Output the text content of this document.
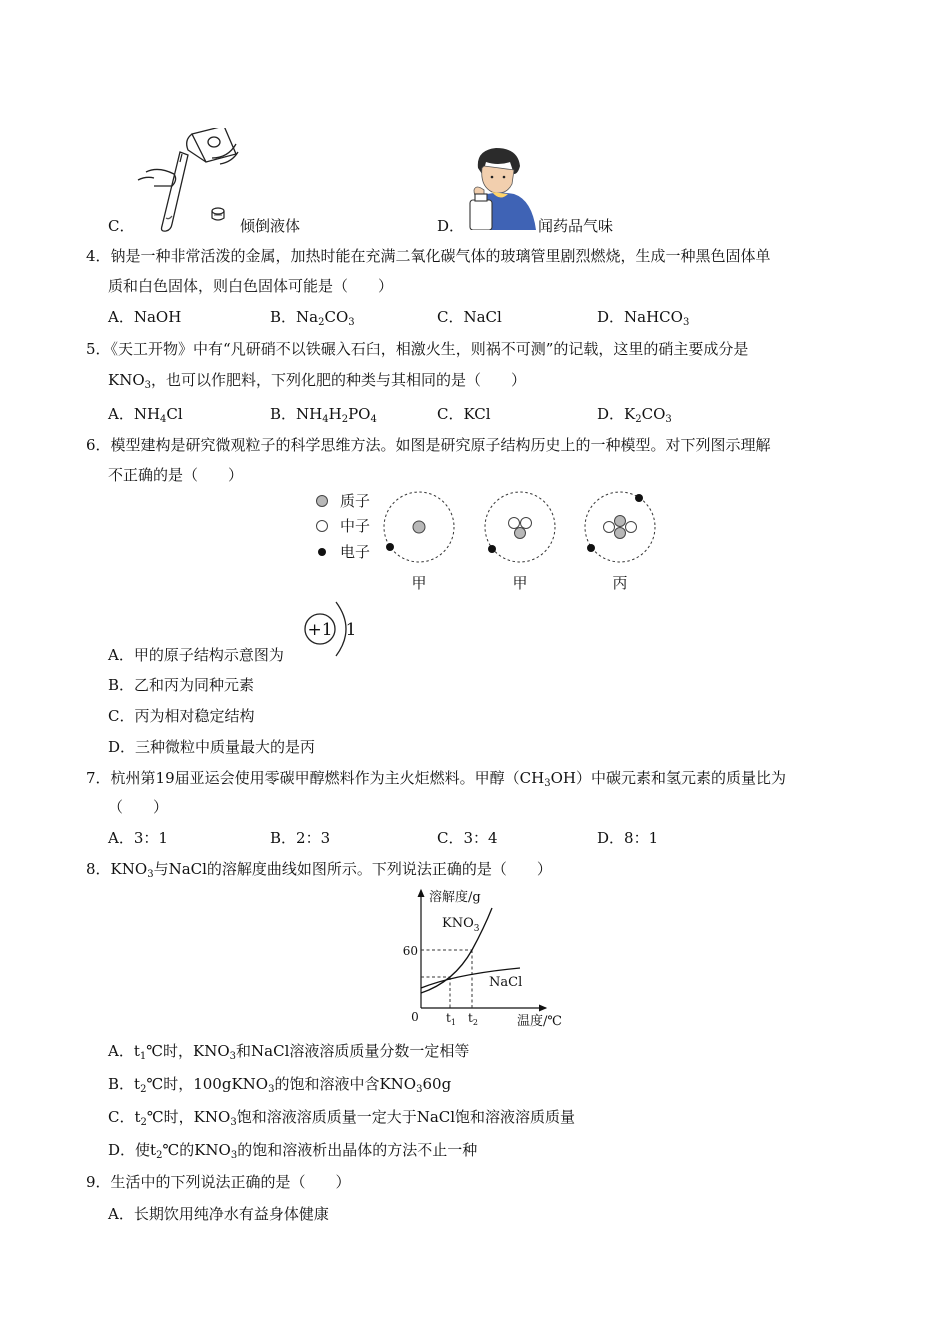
C．	倾倒液体	D．	闻药品气味
4．钠是一种非常活泼的金属，加热时能在充满二氧化碳气体的玻璃管里剧烈燃烧，生成一种黑色固体单
质和白色固体，则白色固体可能是（　　）
A．NaOH	B．$Na_2CO_3$	C．NaCl	D．NaHCO$_3$
5．《天工开物》中有“凡研硝不以铁碾入石臼，相激火生，则祸不可测”的记载，这里的硝主要成分是
$KNO_3$，也可以作肥料，下列化肥的种类与其相同的是（　　）
A．$NH_4Cl$	B．$NH_4H_2PO_4$	C．KCl	D．$K_2CO_3$
6．模型建构是研究微观粒子的科学思维方法。如图是研究原子结构历史上的一种模型。对下列图示理解
不正确的是（　　）
质子
中子
电子
甲	甲	丙
+1 1
A．甲的原子结构示意图为
B．乙和丙为同种元素
C．丙为相对稳定结构
D．三种微粒中质量最大的是丙
7．杭州第19届亚运会使用零碳甲醇燃料作为主火炬燃料。甲醇$(CH_3OH)$中碳元素和氢元素的质量比为
（　　）
A．3：1	B．2：3	C．3：4	D．8：1
8．$KNO_3$与NaCl的溶解度曲线如图所示。下列说法正确的是（　　）
溶解度/g
温度/℃
0
60
$KNO_3$
NaCl
$t_1$ $t_2$
A．$t_1℃$时，$KNO_3$和NaCl溶液溶质质量分数一定相等
B．$t_2℃$时，100gKNO$_3$的饱和溶液中含$KNO_360g$
C．$t_2℃$时，$KNO_3$饱和溶液溶质质量一定大于NaCl饱和溶液溶质质量
D．使$t_2℃$的$KNO_3$的饱和溶液析出晶体的方法不止一种
9．生活中的下列说法正确的是（　　）
A．长期饮用纯净水有益身体健康
